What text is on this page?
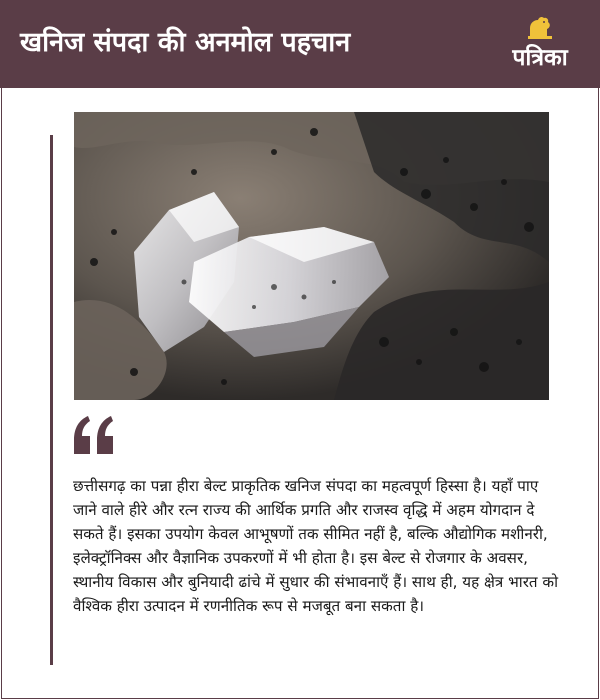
खनिज संपदा की अनमोल पहचान	पत्रिका
छत्तीसगढ़ का पन्ना हीरा बेल्ट प्राकृतिक खनिज संपदा का महत्वपूर्ण हिस्सा है। यहाँ पाए जाने वाले हीरे और रत्न राज्य की आर्थिक प्रगति और राजस्व वृद्धि में अहम योगदान दे सकते हैं। इसका उपयोग केवल आभूषणों तक सीमित नहीं है, बल्कि औद्योगिक मशीनरी, इलेक्ट्रॉनिक्स और वैज्ञानिक उपकरणों में भी होता है। इस बेल्ट से रोजगार के अवसर, स्थानीय विकास और बुनियादी ढांचे में सुधार की संभावनाएँ हैं। साथ ही, यह क्षेत्र भारत को वैश्विक हीरा उत्पादन में रणनीतिक रूप से मजबूत बना सकता है।
